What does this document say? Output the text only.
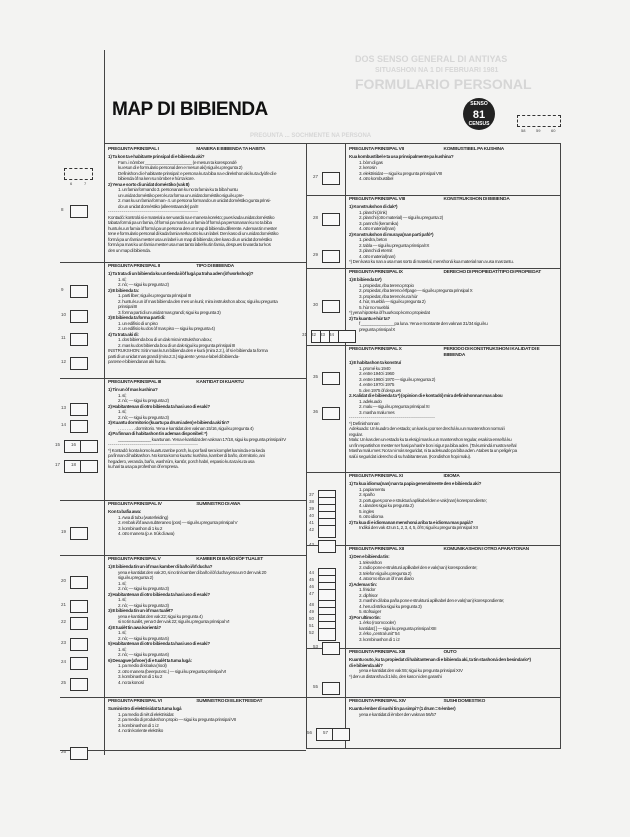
DOS SENSO GENERAL DI ANTIYAS
SITUASHON NA 1 DI FEBRUARI 1981
FORMULARIO PERSONAL
PREGUNTA ... SOCHMENTE NA PERSONA
MAP DI BIBIENDA	SENSO
81
CENSUS
58	59	60
6	7
PREGUNTA PRINSIPAL I	MANERA E BIBIENDA TA HABITA
1) Ta kon ta e habitante prinsipal di e bibienda aki?
Fam. i nòmber ____________________ (e mesun ta korespondé
ku esun di e formulario personal den e mesun aki) sigui ku pregunta 2)
Definishon di e habitante prinsipal: e persona ku ta biba na e direkshon aki ku ta dyòfe di e
bibienda òf na ken su nòmber e hùr ta kore.
2) Yena e sorto di unidat doméstiko (vak 8)
1. un famia formando 3. personanan ku no ta famia ku ta biba huntu
un unidat doméstiko pero ku ta forma un unidat doméstiko sigui ku pre-
2. mas ku un famia forman- 4. un persona formando un unidat doméstiko gunta prinsi-
do un unidat doméstiko (alleenstaande) pal II
- - - - - - - - - - - - - - - - - - - - - - - - - - - - - - - - - - - - - - - - - - - - -
Kontadó: kontrolá si e material a ser wardá na e manera korekto; pues kada unidat doméstiko
tabata formá pa un famia, òf formá pa mas ku un famia òf formá pa personanan ku no ta biba
huntu ku un famia òf formá pa un persona den un map di bibienda diferente. Ademas tin mester
tene e formulario personal di kada famia serka otro ku un label. Den kaso di un unidat doméstiko
formá pa un famia mester usa un label i un map di bibienda; den kaso di un unidat doméstiko
formá pa mas ku un famia mester usa mas tanto label ku tin famia, despues lo warda tur kos
den un map di bibienda.
PREGUNTA PRINSIPAL II	TIPO DI BIBIENDA
1) Ta trata di un bibienda ku un tienda i/òf lugá pa traha aden (òf workshop)?
1. sí;
2. nò; — sigui ku pregunta 2)
2) E bibienda ta:
1. parti liber; sigui ku pregunta prinsipal III
2. huntu ku un òf mas bibienda den mes un kurá; mira instrukshon abou; sigui ku pregunta
prinsipal III
3. forma parti di un unidat mas grandi; sigui ku pregunta 3)
3) E bibienda ta forma parti di:
1. un edifisio di un piso
2. un edifisio ku dos òf mas piso — sigui ku pregunta 4)
4) Ta trata aki di:
1. dos bibienda bou di un dak mira instrukshon abou;
2. mas ku dos bibienda bou di un dak sigui ku pregunta prinsipal III
INSTRUKSHON: Si tin mas ku'un bibienda den e kurá (mira 2.2.), òf si e bibienda ta forma
parti di un unidat mas grandi (mira 2.3.) siguiente: yena e label di bibienda-
pa tene e bibiendanan aki huntu.
PREGUNTA PRINSIPAL III	KANTIDAT DI KUARTU
1) Tin un òf mas kushina?
1. sí;
2. nò; — sigui ku pregunta 2)
2) Habitantenan di otro bibienda ta hasi uso di esaki?
1. sí;
2. nò; — sigui ku pregunta 3)
3) Kuantu dormitorio (kuartu pa drumi aden) e bibienda aki tin?
. . . . . . . . . . dormitorio. Yena e kantidat den vaknan 15/16, sigui ku pregunta 4)
4) Pa finnan di habitashon tin ademas disponibel: *)
______________ kuartunan. Yena e kantidat den vaknan 17/18, sigui ku pregunta prinsipal IV
- - - - - - - - - - - - - - - - - - - - - - - - - - - - - - - - - - - - - - - - - - - - -
*) Kontadó: konta komo kuartu tambe porch, ku por fasil sera komplet kaminda e ta keda
pa finnan di habitashon. No konta komo kuartu: kushina, kamber di baño, dormitorio, ani
hegadero, veranda, baño, washrùm, kantòr, porch habri, espasio ku ta ta ku ta usa
ku hari ta usa pa profeshon òf empresa.
PREGUNTA PRINSIPAL IV	SUMINISTRO DI AWA
Kon ta bafia awa:
1. Awa di tubu (waterleiding)
2. renbak i/òf awa subteraneo (pos) — sigui ku pregunta prinsipal V
3. kombinashon di 1 ku 2
4. otro manera (p.e. trùk di awa)
PREGUNTA PRINSIPAL V	KAMBER DI BAÑO I/ÒF TUALET
1) E bibienda tin un òf mas kamber di baño i/òf ducha?
yena e kantidat den vak 20, si no tin kamber di baño i/òf ducha yena un 0 den vak 20
sigui ku pregunta 2)
1. sí;
2. nò; — sigui ku pregunta 3)
2) Habitantenan di otro bibienda ta hasi uso di esaki?
1. sí;
2. nò; — sigui ku pregunta 3)
3) E bibienda tin un òf mas tualèt?
yena e kantidat den vak 22; sigui ku pregunta 4)
si no tin tualèt, yena 0 den vak 22; sigui ku pregunta prinsipal VI
4) E tualèt tin awa korientá?
1. sí;
2. nò; — sigui ku pregunta 5)
5) Habitantenan di otro bibienda ta hasi uso di esaki?
1. sí;
2. nò; — sigui ku pregunta 6)
6) Desagwe (afvoer) di e tualèt ta tuma lugá:
1. pa medio di kloaka (riool)
2. otro manera (beerput etc.) — sigui ku pregunta prinsipal VI
3. kombinashon di 1 ku 2
4. no ta konosí
PREGUNTA PRINSIPAL VI	SUMINISTRO DI ELEKTRISIDAT
Suministro di elektrisidat ta tuma lugá
1. pa medio di nèt di elektrisidat
2. pa medio di produkshon propio — sigui ku pregunta prinsipal VII
3. kombinashon di 1 i 2
4. no tin koriente elektriko
PREGUNTA PRINSIPAL VII	KOMBUSTIBEL PA KUSHINA
Kua kombustibel e ta usa prinsipalmente pa kushina?
1. bòm di gas
2. kerosin
3. elektrisidat — sigui ku pregunta prinsipal VIII
4. otro kombustibel
PREGUNTA PRINSIPAL VIII	KONSTRUKSHON DI BIBIENDA
1) Konstrukshon di dak*)
1. planchi (zink)
2. planchi (otro material) — sigui ku pregunta 2)
3. pannchi (keramika)
4. otro material(nan)
2) Konstrukshon di muraya(nan parti pafó*)
1. piedra, beton
2. tabla — sigui ku pregunta prinsipal IX
3. planchi di eternit
4. otro material(nan)
*) Den kaso ku nan a usa mas sorto di material, menshoná kua material nan a usa mas tantu.
PREGUNTA PRINSIPAL IX	DERECHO DI PROPIEDAT/TIPO DI PROPIEDAT
1) E bibienda ta*)
1. propiedat, riba tereno propio
2. propiedat, riba tereno érfpage — sigui ku pregunta prinsipal X
3. propiedat, riba tereno ku ta hùr
4. hùr, mueblá — sigui ku pregunta 2)
5. hùr no mueblá
*) yena hipoteka òf huurkoop komo propiedat
2) Ta kuantu e hùr ta?
f ______________ pa luna. Yena e montante den vaknan 31/34 sigui ku
pregunta prinsipal X
PREGUNTA PRINSIPAL X	PERIODO DI KONSTRUKSHON I KALIDAT DI E BIBIENDA
1) E habitashon ta konstruí
1. promé ku 1940
2. entre 1940 i 1960
3. entre 1960 i 1970 — sigui ku pregunta 2)
4. entre 1970 i 1975
5. den 1975 òf despues
2. Kalidat di e bibienda ta *) (opinion di e kontadó) mira definishonnan mas abou
1. adekuado
2. malu — sigui ku pregunta prinsipal XI
3. masha malu mes
- - - - - - - - - - - - - - - - - - - - - - - - - - - - - - - - - - - - - - - - - - -
*) Definishonnan
Adekuado: Un kuadro den estado; un kas ku por ser drechá ku un mantenshon normal i
regular.
Malu: Un kas den un estado ku ta eksigí mas ku un mantenshon regular, esaki ta enseñá ku
un fin repartishon mester ser hasi pa hasi'e bon i sigur pa biba aden. (Ta kumindá mustra señal
Masha malu mes: No ta ni más seguridat, ni ta adekuado pa biba aden. Atabes ta un peligér pa
salú i seguridat i derecho di su habitantenan. (Kondishon hopi malu).
PREGUNTA PRINSIPAL XI	IDIOMA
1) Ta kua idioma(nan) nan ta papia generalmente den e bibienda aki?
1. papiamentu
2. spaño
3. portugues pone e strukturá aplikabel den e vak(nan) korespondiente;
4. ulandes sigui ku pregunta 2)
5. ingles
6. otro idioma
2) Ta kua di e idiomanan menshoná ariba ta e idioma mas papiá?
Indiká den vak 43 un 1, 2, 3, 4, 5, òf 6; sigui ku pregunta prinsipal XII
PREGUNTA PRINSIPAL XII	KOMUNIKASHON I OTRO APARATONAN
1) Den e bibienda tin:
1. televishon
2. radio pone e strukturá aplikabel den e vak(nan) korespondiente;
3. telefon sigui ku pregunta 2)
4. atoomo riba un òf mas diario
2) Ademas tin:
1. frisidor
2. dipfrisor
3. mashin di laba paña pone e strukturá aplikabel den e vak(nan) korespondiente;
4. heru di strika sigui ku pregunta 3)
5. stofsuiger
3) Por ultimo tin:
1. èrko (roomcooler)
kantidat [ ] — sigui ku pregunta prinsipal XIII
2. èrko „central unit” 54
3. kombinashon di 1 i 2
PREGUNTA PRINSIPAL XIII	OUTO
Kuantu outo, ku ta propiedat di habitantenan di e bibienda aki, ta tin stashoná den besindario*)
di e bibienda aki?
yena e kantidat den vak 55; sigui ku pregunta prinsipal XIV
*) den un distansha di 1 kilo, den kaso ni den garashi
PREGUNTA PRINSIPAL XIV	SUSHI DOMESTIKO
Kuantu èmber di sushi tin pa simpi? (1 drum = 6 èmber)
yena e kantidat di èmber den vaknan 56/57
8
9
10
11
12
13
14
15 16
17 18
19
20
21
22
23
24
25
26
27
28
29
30
31 32 33 34
35
36
37
38
39
40
41
42
43
44
45
46
47
48
49
50
51
52
53
55
56 57
